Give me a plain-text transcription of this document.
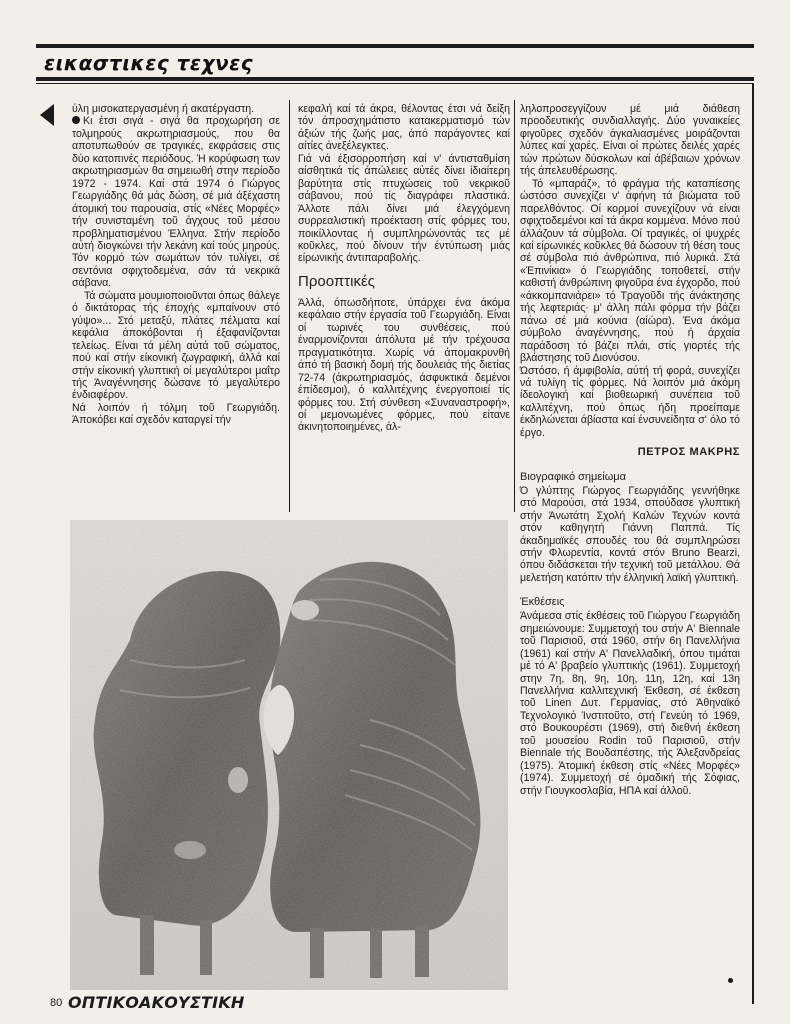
εικαστικες τεχνες

ύλη μισοκατεργασμένη ή ακατέργαστη.

Κι έτσι σιγά - σιγά θα προχωρήση σε τολμηρούς ακρωτηριασμούς, που θα αποτυπωθούν σε τραγικές, εκφράσεις στις δύο κατοπινές περιόδους. Ή κορύφωση των ακρωτηριασμών θα σημειωθή στην περίοδο 1972 - 1974. Καί στά 1974 ό Γιώργος Γεωργιάδης θά μάς δώση, σέ μιά άξέχαστη άτομική του παρουσία, στίς «Νέες Μορφές» τήν συνισταμένη τοῦ άγχους τοῦ μέσου προβληματισμένου Έλληνα. Στήν περίοδο αὐτή διογκώνει τήν λεκάνη καί τούς μηρούς. Τόν κορμό τών σωμάτων τόν τυλίγει, σέ σεντόνια σφιχτοδεμένα, σάν τά νεκρικά σάβανα.

Τά σώματα μουμιοποιοῦνται όπως θάλεγε ό δικτάτορας τής έποχής «μπαίνουν στό γύψο»... Στό μεταξύ, πλάτες πέλματα καί κεφάλια άποκόβονται ή έξαφανίζονται τελείως. Είναι τά μέλη αὐτά τοῦ σώματος, πού καί στήν είκονική ζωγραφική, άλλά καί στήν είκονική γλυπτική οί μεγαλύτεροι μαΐτρ τής Άναγέννησης δώσανε τό μεγαλύτερο ένδιαφέρον.

Νά λοιπόν ή τόλμη τοῦ Γεωργιάδη. Άποκόβει καί σχεδόν καταργεί τήν

κεφαλή καί τά άκρα, θέλοντας έτσι νά δείξη τόν άπροσχημάτιστο κατακερματισμό τών άξιών τής ζωής μας, άπό παράγοντες καί αίτίες άνεξέλεγκτες.

Γιά νά έξισορροπήση καί ν' άντισταθμίση αίσθητικά τίς άπώλειες αὐτές δίνει ίδιαίτερη βαρύτητα στίς πτυχώσεις τοῦ νεκρικοῦ σάβανου, πού τίς διαγράφει πλαστικά. Άλλοτε πάλι δίνει μιά έλεγχόμενη συρρεαλιστική προέκταση στίς φόρμες του, ποικίλλοντας ή συμπληρώνοντάς τες μέ κοῦκλες, πού δίνουν τήν έντύπωση μιάς είρωνικής άντιπαραβολής.

Προοπτικές

Άλλά, όπωσδήποτε, ύπάρχει ένα άκόμα κεφάλαιο στήν έργασία τοῦ Γεωργιάδη. Είναι οί τωρινές του συνθέσεις, πού έναρμονίζονται άπόλυτα μέ τήν τρέχουσα πραγματικότητα. Χωρίς νά άπομακρυνθή άπό τή βασική δομή τής δουλειάς τής διετίας 72-74 (άκρωτηριασμός, άσφυκτικά δεμένοι έπίδεσμοι), ό καλλιτέχνης ένεργοποιεί τίς φόρμες του. Στή σύνθεση «Συναναστροφή», οί μεμονωμένες φόρμες, πού είτανε άκινητοποιημένες, άλ-

ληλοπροσεγγίζουν μέ μιά διάθεση προοδευτικής συνδιαλλαγής. Δύο γυναικείες φιγοῦρες σχεδόν άγκαλιασμένες μοιράζονται λύπες καί χαρές. Είναι οί πρώτες δειλές χαρές τών πρώτων δύσκολων καί άβέβαιων χρόνων τής άπελευθέρωσης.

Τό «μπαράζ», τό φράγμα τής καταπίεσης ώστόσο συνεχίζει ν' άφήνη τά βιώματα τοῦ παρελθόντος. Οί κορμοί συνεχίζουν νά είναι σφιχτοδεμένοι καί τά άκρα κομμένα. Μόνο πού άλλάζουν τά σύμβολα. Οί τραγικές, οί ψυχρές καί είρωνικές κοῦκλες θά δώσουν τή θέση τους σέ σύμβολα πιό άνθρώπινα, πιό λυρικά. Στά «Έπινίκια» ό Γεωργιάδης τοποθετεί, στήν καθιστή άνθρώπινη φιγοῦρα ένα έγχορδο, πού «άκκομπανιάρει» τό Τραγοῦδι τής άνάκτησης τής λεφτεριάς· μ' άλλη πάλι φόρμα τήν βάζει πάνω σέ μιά κούνια (αίώρα). Ένα άκόμα σύμβολο άναγέννησης, πού ή άρχαία παράδοση τό βάζει πλάι, στίς γιορτές τής βλάστησης τοῦ Διονύσου.

Ώστόσο, ή άμφιβολία, αὐτή τή φορά, συνεχίζει νά τυλίγη τίς φόρμες. Νά λοιπόν μιά άκόμη ίδεολογική καί βιοθεωρική συνέπεια τοῦ καλλιτέχνη, πού όπως ήδη προείπαμε έκδηλώνεται άβίαστα καί ένσυνείδητα σ' όλο τό έργο.

ΠΕΤΡΟΣ ΜΑΚΡΗΣ
Βιογραφικό σημείωμα

Ό γλύπτης Γιώργος Γεωργιάδης γεννήθηκε στό Μαρούσι, στά 1934, σπούδασε γλυπτική στήν Άνωτάτη Σχολή Καλών Τεχνών κοντά στόν καθηγητή Γιάννη Παππά. Τίς άκαδημαϊκές σπουδές του θά συμπληρώσει στήν Φλωρεντία, κοντά στόν Bruno Bearzi, όπου διδάσκεται τήν τεχνική τοῦ μετάλλου. Θά μελετήση κατόπιν τήν έλληνική λαϊκή γλυπτική.

Έκθέσεις

Άνάμεσα στίς έκθέσεις τοῦ Γιώργου Γεωργιάδη σημειώνουμε: Συμμετοχή του στήν Α' Biennale τοῦ Παρισιοῦ, στά 1960, στήν 6η Πανελλήνια (1961) καί στήν Α' Πανελλαδική, όπου τιμάται μέ τό Α' βραβείο γλυπτικής (1961). Συμμετοχή στην 7η, 8η, 9η, 10η, 11η, 12η, καί 13η Πανελλήνια καλλιτεχνική Έκθεση, σέ έκθεση τοῦ Linen Δυτ. Γερμανίας, στό Άθηναϊκό Τεχνολογικό Ίνστιτοῦτο, στή Γενεύη τό 1969, στό Βουκουρέστι (1969), στή διεθνή έκθεση τοῦ μουσείου Rodin τοῦ Παρισιοῦ, στήν Biennale τής Βουδαπέστης, τής Άλεξανδρείας (1975). Άτομική έκθεση στίς «Νέες Μορφές» (1974). Συμμετοχή σέ όμαδική τής Σόφιας, στήν Γιουγκοσλαβία, ΗΠΑ καί άλλοῦ.

80 ΟΠΤΙΚΟΑΚΟΥΣΤΙΚΗ
